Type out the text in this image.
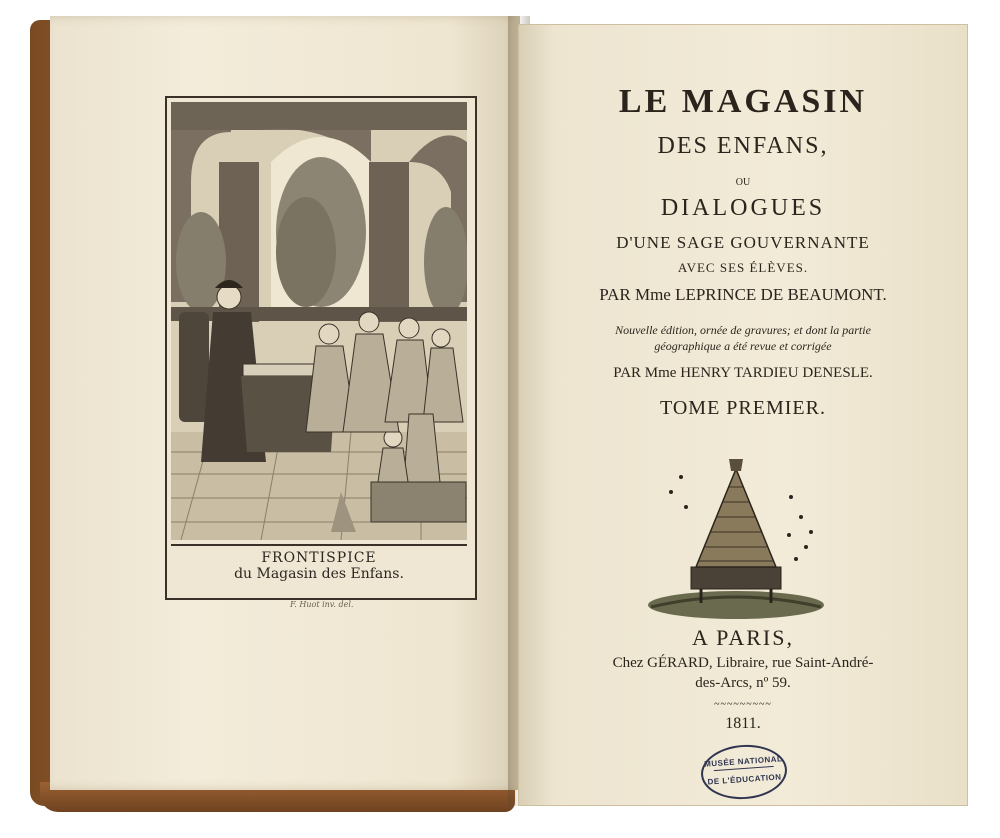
FRONTISPICE
du Magasin des Enfans.
F. Huot inv. del.
LE MAGASIN
DES ENFANS,
OU
DIALOGUES
D'UNE SAGE GOUVERNANTE
AVEC SES ÉLÈVES.
PAR Mme LEPRINCE DE BEAUMONT.
Nouvelle édition, ornée de gravures; et dont la partie
géographique a été revue et corrigée
PAR Mme HENRY TARDIEU DENESLE.
TOME PREMIER.
A PARIS,
Chez GÉRARD, Libraire, rue Saint-André-
des-Arcs, nº 59.
~~~~~~~~~
1811.
MUSÉE NATIONAL
DE L'ÉDUCATION
